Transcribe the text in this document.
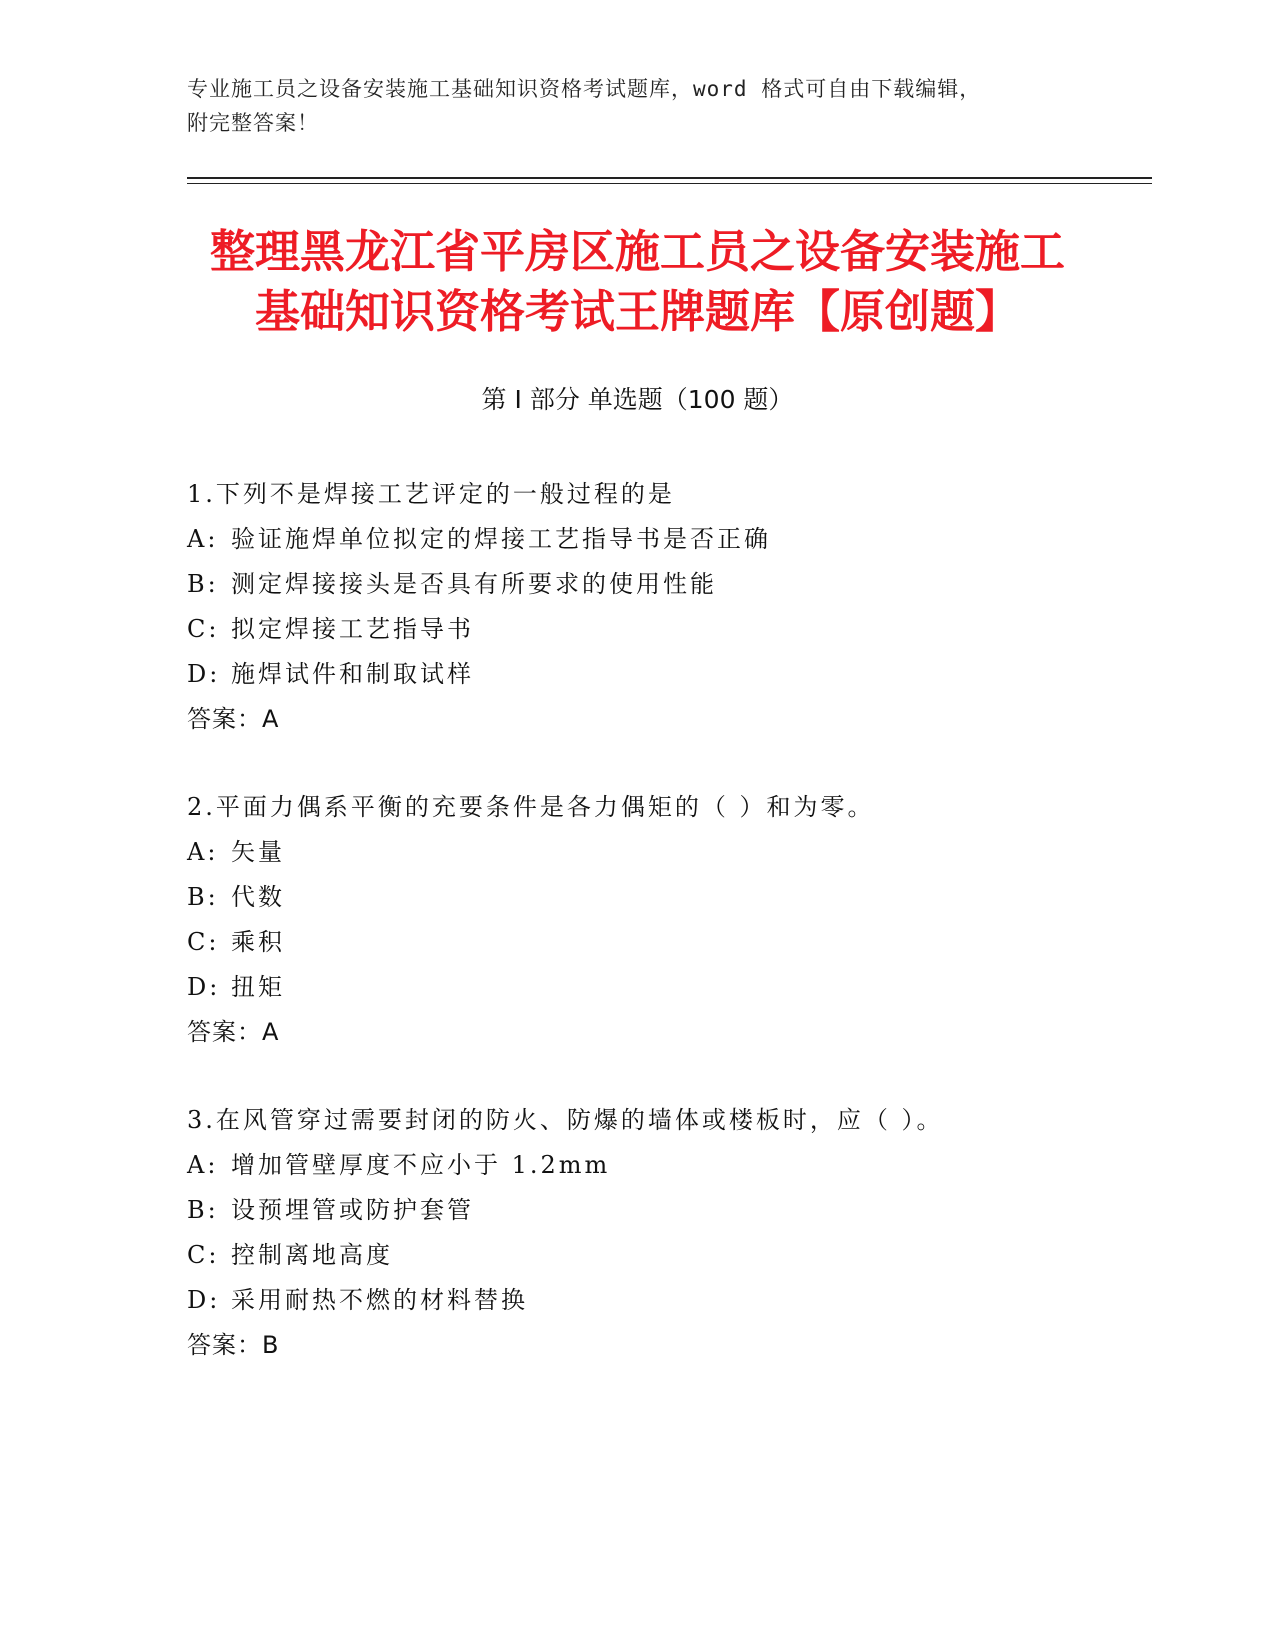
专业施工员之设备安装施工基础知识资格考试题库，word 格式可自由下载编辑，
附完整答案！
整理黑龙江省平房区施工员之设备安装施工
基础知识资格考试王牌题库【原创题】
第 I 部分 单选题（100 题）
1.下列不是焊接工艺评定的一般过程的是
A: 验证施焊单位拟定的焊接工艺指导书是否正确
B: 测定焊接接头是否具有所要求的使用性能
C: 拟定焊接工艺指导书
D: 施焊试件和制取试样
答案：A
2.平面力偶系平衡的充要条件是各力偶矩的（ ）和为零。
A: 矢量
B: 代数
C: 乘积
D: 扭矩
答案：A
3.在风管穿过需要封闭的防火、防爆的墙体或楼板时，应（ ）。
A: 增加管壁厚度不应小于 1.2mm
B: 设预埋管或防护套管
C: 控制离地高度
D: 采用耐热不燃的材料替换
答案：B
